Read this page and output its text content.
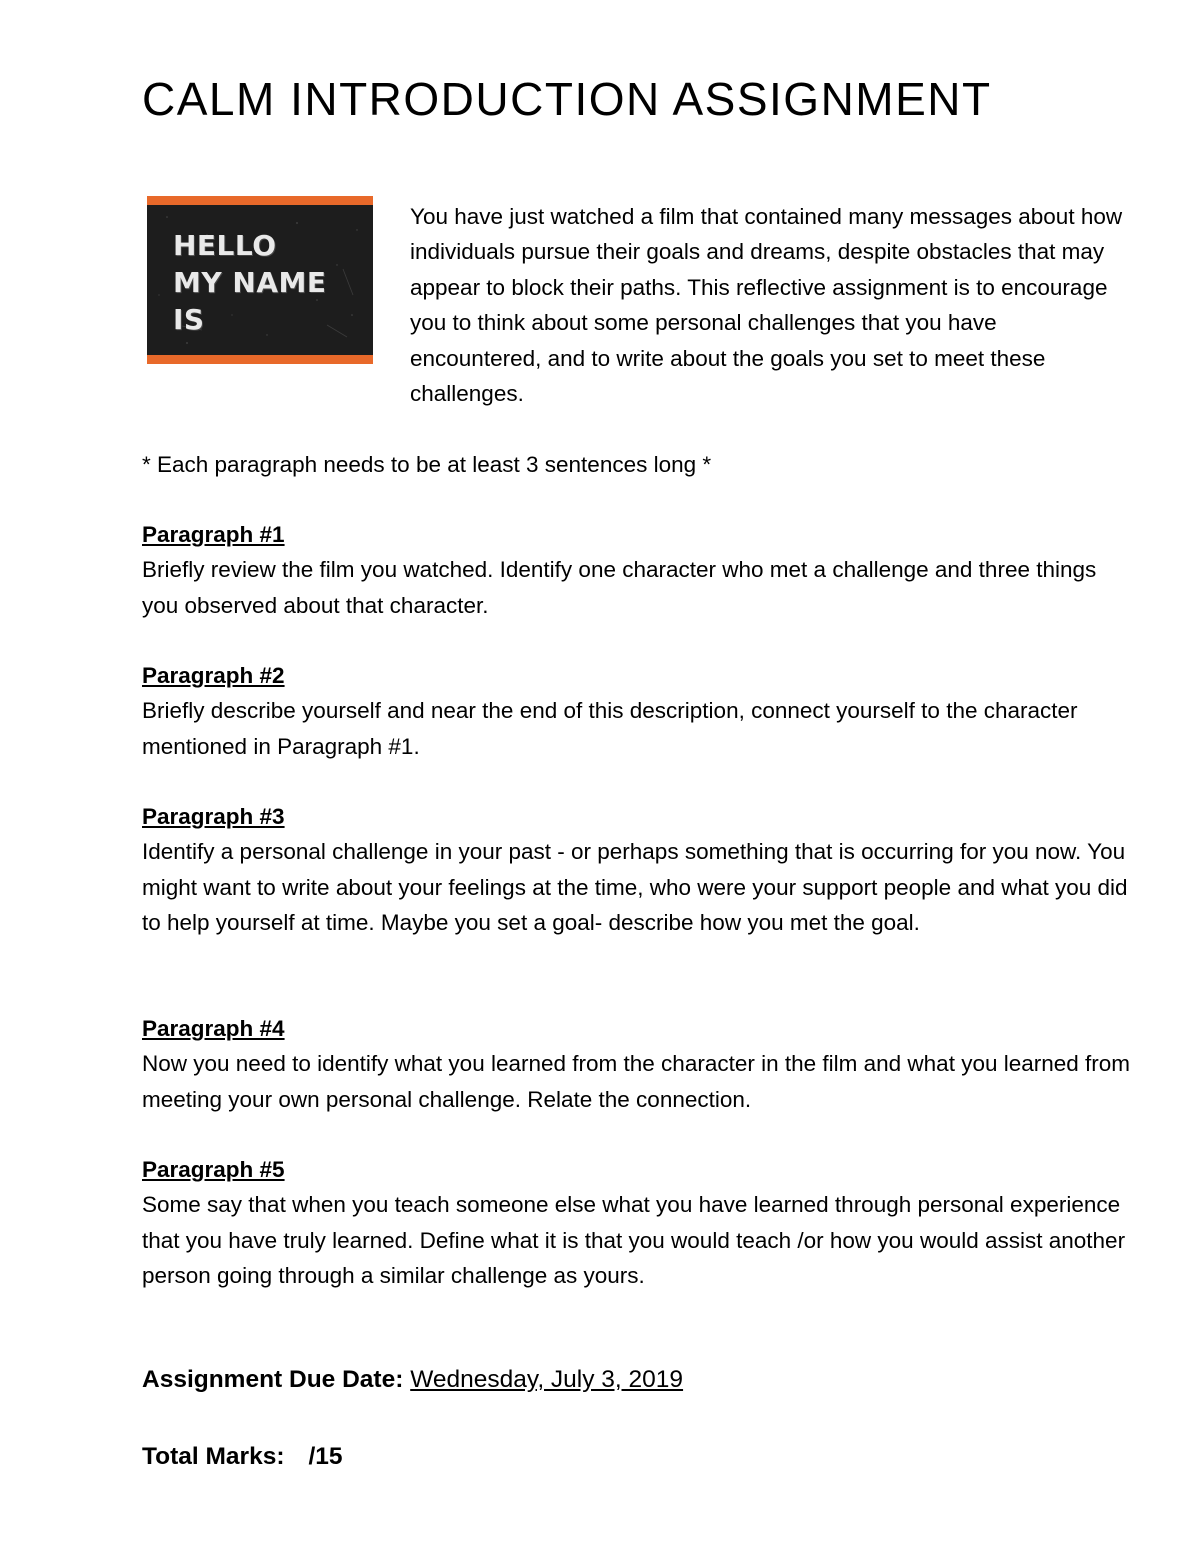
CALM INTRODUCTION ASSIGNMENT
HELLO
MY NAME
IS

You have just watched a film that contained many messages about how individuals pursue their goals and dreams, despite obstacles that may appear to block their paths. This reflective assignment is to encourage you to think about some personal challenges that you have encountered, and to write about the goals you set to meet these challenges.

* Each paragraph needs to be at least 3 sentences long *

Paragraph #1

Briefly review the film you watched. Identify one character who met a challenge and three things you observed about that character.

Paragraph #2

Briefly describe yourself and near the end of this description, connect yourself to the character mentioned in Paragraph #1.

Paragraph #3

Identify a personal challenge in your past - or perhaps something that is occurring for you now. You might want to write about your feelings at the time, who were your support people and what you did to help yourself at time. Maybe you set a goal- describe how you met the goal.

Paragraph #4

Now you need to identify what you learned from the character in the film and what you learned from meeting your own personal challenge. Relate the connection.

Paragraph #5

Some say that when you teach someone else what you have learned through personal experience that you have truly learned. Define what it is that you would teach /or how you would assist another person going through a similar challenge as yours.

Assignment Due Date: Wednesday, July 3, 2019
Total Marks: /15
